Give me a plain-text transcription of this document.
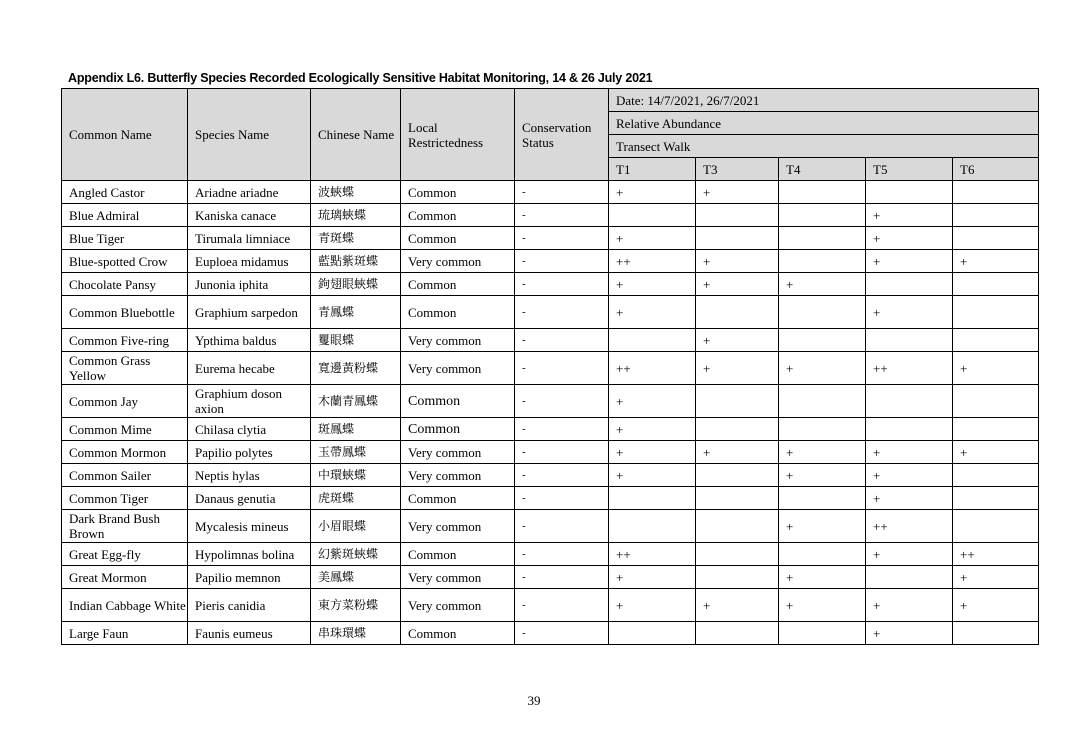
Appendix L6. Butterfly Species Recorded Ecologically Sensitive Habitat Monitoring, 14 & 26 July 2021
Common Name	Species Name	Chinese Name	Local Restrictedness	Conservation Status	Date: 14/7/2021, 26/7/2021				
					Relative Abundance				
					Transect Walk				
					T1	T3	T4	T5	T6
Angled Castor	Ariadne ariadne	波蛺蝶	Common	-	+	+			
Blue Admiral	Kaniska canace	琉璃蛺蝶	Common	-				+	
Blue Tiger	Tirumala limniace	青斑蝶	Common	-	+			+	
Blue-spotted Crow	Euploea midamus	藍點紫斑蝶	Very common	-	++	+		+	+
Chocolate Pansy	Junonia iphita	鉤翅眼蛺蝶	Common	-	+	+	+		
Common Bluebottle	Graphium sarpedon	青鳳蝶	Common	-	+			+	
Common Five-ring	Ypthima baldus	矍眼蝶	Very common	-		+			
Common Grass Yellow	Eurema hecabe	寬邊黃粉蝶	Very common	-	++	+	+	++	+
Common Jay	Graphium doson axion	木蘭青鳳蝶	Common	-	+				
Common Mime	Chilasa clytia	斑鳳蝶	Common	-	+				
Common Mormon	Papilio polytes	玉帶鳳蝶	Very common	-	+	+	+	+	+
Common Sailer	Neptis hylas	中環蛺蝶	Very common	-	+		+	+	
Common Tiger	Danaus genutia	虎斑蝶	Common	-				+	
Dark Brand Bush Brown	Mycalesis mineus	小眉眼蝶	Very common	-			+	++	
Great Egg-fly	Hypolimnas bolina	幻紫斑蛺蝶	Common	-	++			+	++
Great Mormon	Papilio memnon	美鳳蝶	Very common	-	+		+		+
Indian Cabbage White	Pieris canidia	東方菜粉蝶	Very common	-	+	+	+	+	+
Large Faun	Faunis eumeus	串珠環蝶	Common	-				+	
39
